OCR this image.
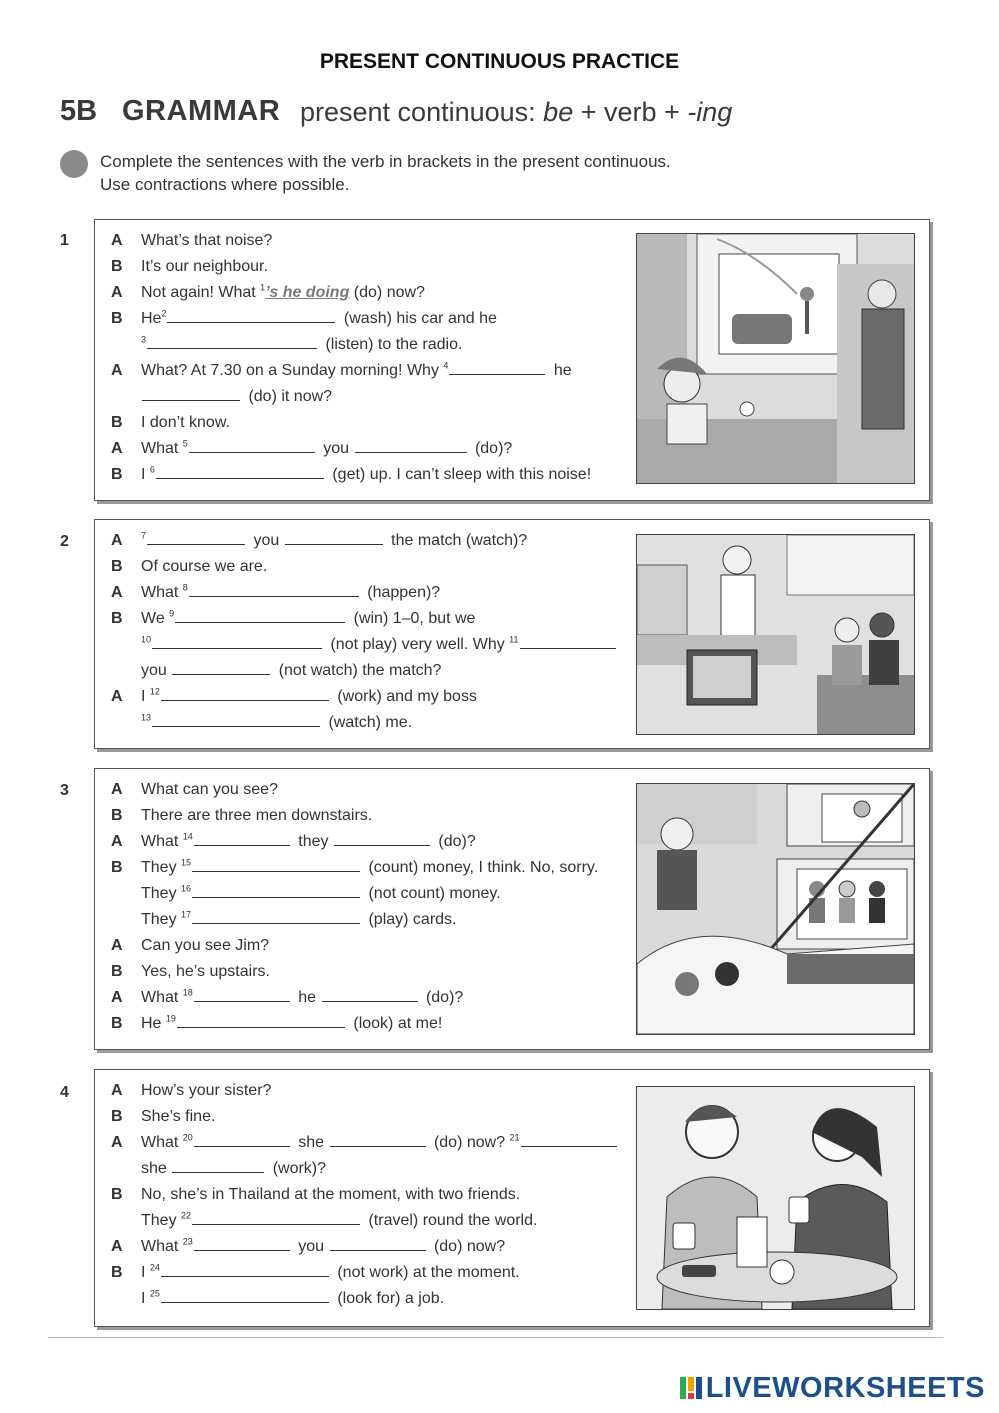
PRESENT CONTINUOUS PRACTICE
5B GRAMMAR present continuous: be + verb + -ing
Complete the sentences with the verb in brackets in the present continuous.
Use contractions where possible.
1	A What’s that noise?
B It’s our neighbour.
A Not again! What $^1$’s he doing (do) now?
B He$^2$	(wash) his car and he
$^3$	(listen) to the radio.
A What? At 7.30 on a Sunday morning! Why $^4$	he
(do) it now?
B I don’t know.
A What $^5$	you	(do)?
B I $^6$	(get) up. I can’t sleep with this noise!
2	A $^7$	you	the match (watch)?
B Of course we are.
A What $^8$	(happen)?
B We $^9$	(win) 1–0, but we
$^{10}$	(not play) very well. Why $^{11}$
you	(not watch) the match?
A I $^{12}$	(work) and my boss
$^{13}$	(watch) me.
3	A What can you see?
B There are three men downstairs.
A What $^{14}$	they	(do)?
B They $^{15}$	(count) money, I think. No, sorry.
They $^{16}$	(not count) money.
They $^{17}$	(play) cards.
A Can you see Jim?
B Yes, he’s upstairs.
A What $^{18}$	he	(do)?
B He $^{19}$	(look) at me!
4	A How’s your sister?
B She’s fine.
A What $^{20}$	she	(do) now? $^{21}$
she	(work)?
B No, she’s in Thailand at the moment, with two friends.
They $^{22}$	(travel) round the world.
A What $^{23}$	you	(do) now?
B I $^{24}$	(not work) at the moment.
I $^{25}$	(look for) a job.
LIVEWORKSHEETS
